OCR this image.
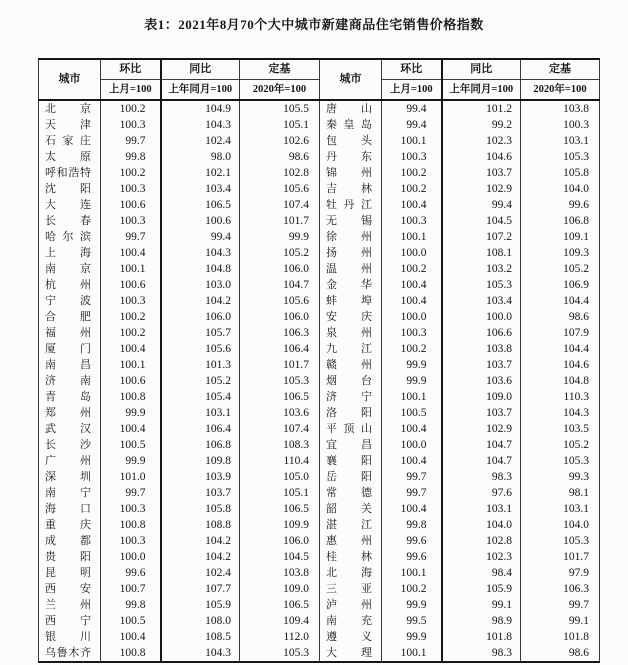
表1：2021年8月70个大中城市新建商品住宅销售价格指数
城市	环比	同比	定基	城市	环比	同比	定基
	上月=100	上年同月=100	2020年=100		上月=100	上年同月=100	2020年=100

北 京	100.2	104.9	105.5	唐 山	99.4	101.2	103.8

天 津	100.3	104.3	105.1	秦 皇 岛	99.4	99.2	100.3

石 家 庄	99.7	102.4	102.6	包 头	100.1	102.3	103.1

太 原	99.8	98.0	98.6	丹 东	100.3	104.6	105.3

呼 和 浩 特	100.2	102.1	102.8	锦 州	100.2	103.7	105.8

沈 阳	100.3	103.4	105.6	吉 林	100.2	102.9	104.0

大 连	100.6	106.5	107.4	牡 丹 江	100.4	99.4	99.6

长 春	100.3	100.6	101.7	无 锡	100.3	104.5	106.8

哈 尔 滨	99.7	99.4	99.9	徐 州	100.1	107.2	109.1

上 海	100.4	104.3	105.2	扬 州	100.0	108.1	109.3

南 京	100.1	104.8	106.0	温 州	100.2	103.2	105.2

杭 州	100.6	103.0	104.7	金 华	100.4	105.3	106.9

宁 波	100.3	104.2	105.6	蚌 埠	100.4	103.4	104.4

合 肥	100.2	106.0	106.0	安 庆	100.0	100.0	98.6

福 州	100.2	105.7	106.3	泉 州	100.3	106.6	107.9

厦 门	100.4	105.6	106.4	九 江	100.2	103.8	104.4

南 昌	100.1	101.3	101.7	赣 州	99.9	103.7	104.6

济 南	100.6	105.2	105.3	烟 台	99.9	103.6	104.8

青 岛	100.8	105.4	106.5	济 宁	100.1	109.0	110.3

郑 州	99.9	103.1	103.6	洛 阳	100.5	103.7	104.3

武 汉	100.4	106.4	107.4	平 顶 山	100.4	102.9	103.5

长 沙	100.5	106.8	108.3	宜 昌	100.0	104.7	105.2

广 州	99.9	109.8	110.4	襄 阳	100.4	104.7	105.3

深 圳	101.0	103.9	105.0	岳 阳	99.7	98.3	99.3

南 宁	99.7	103.7	105.1	常 德	99.7	97.6	98.1

海 口	100.3	105.8	106.5	韶 关	100.4	103.1	103.1

重 庆	100.8	108.8	109.9	湛 江	99.8	104.0	104.0

成 都	100.3	104.2	106.0	惠 州	99.6	102.8	105.3

贵 阳	100.0	104.2	104.5	桂 林	99.6	102.3	101.7

昆 明	99.6	102.4	103.8	北 海	100.1	98.4	97.9

西 安	100.7	107.7	109.0	三 亚	100.2	105.9	106.3

兰 州	99.8	105.9	106.5	泸 州	99.9	99.1	99.7

西 宁	100.5	108.0	109.4	南 充	99.5	98.9	99.1

银 川	100.4	108.5	112.0	遵 义	99.9	101.8	101.8

乌 鲁 木 齐	100.8	104.3	105.3	大 理	100.1	98.3	98.6
